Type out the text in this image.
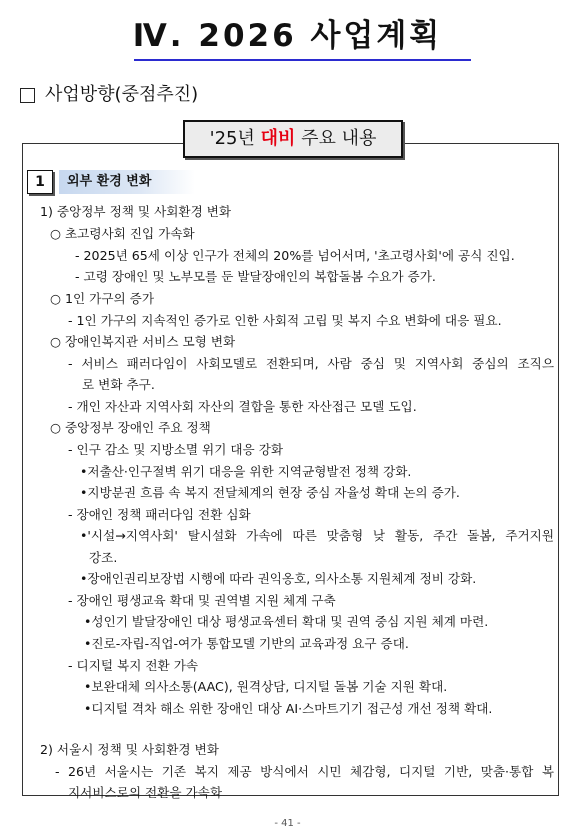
Ⅳ. 2026 사업계획
사업방향(중점추진)
'25년 대비 주요 내용
1	외부 환경 변화
1) 중앙정부 정책 및 사회환경 변화
○ 초고령사회 진입 가속화
- 2025년 65세 이상 인구가 전체의 20%를 넘어서며, '초고령사회'에 공식 진입.
- 고령 장애인 및 노부모를 둔 발달장애인의 복합돌봄 수요가 증가.
○ 1인 가구의 증가
- 1인 가구의 지속적인 증가로 인한 사회적 고립 및 복지 수요 변화에 대응 필요.
○ 장애인복지관 서비스 모형 변화
- 서비스 패러다임이 사회모델로 전환되며, 사람 중심 및 지역사회 중심의 조직으
로 변화 추구.
- 개인 자산과 지역사회 자산의 결합을 통한 자산접근 모델 도입.
○ 중앙정부 장애인 주요 정책
- 인구 감소 및 지방소멸 위기 대응 강화
•저출산·인구절벽 위기 대응을 위한 지역균형발전 정책 강화.
•지방분권 흐름 속 복지 전달체계의 현장 중심 자율성 확대 논의 증가.
- 장애인 정책 패러다임 전환 심화
•'시설→지역사회' 탈시설화 가속에 따른 맞춤형 낮 활동, 주간 돌봄, 주거지원
강조.
•장애인권리보장법 시행에 따라 권익옹호, 의사소통 지원체계 정비 강화.
- 장애인 평생교육 확대 및 권역별 지원 체계 구축
•성인기 발달장애인 대상 평생교육센터 확대 및 권역 중심 지원 체계 마련.
•진로-자립-직업-여가 통합모델 기반의 교육과정 요구 증대.
- 디지털 복지 전환 가속
•보완대체 의사소통(AAC), 원격상담, 디지털 돌봄 기술 지원 확대.
•디지털 격차 해소 위한 장애인 대상 AI·스마트기기 접근성 개선 정책 확대.
2) 서울시 정책 및 사회환경 변화
- 26년 서울시는 기존 복지 제공 방식에서 시민 체감형, 디지털 기반, 맞춤·통합 복
지서비스로의 전환을 가속화
- 41 -
